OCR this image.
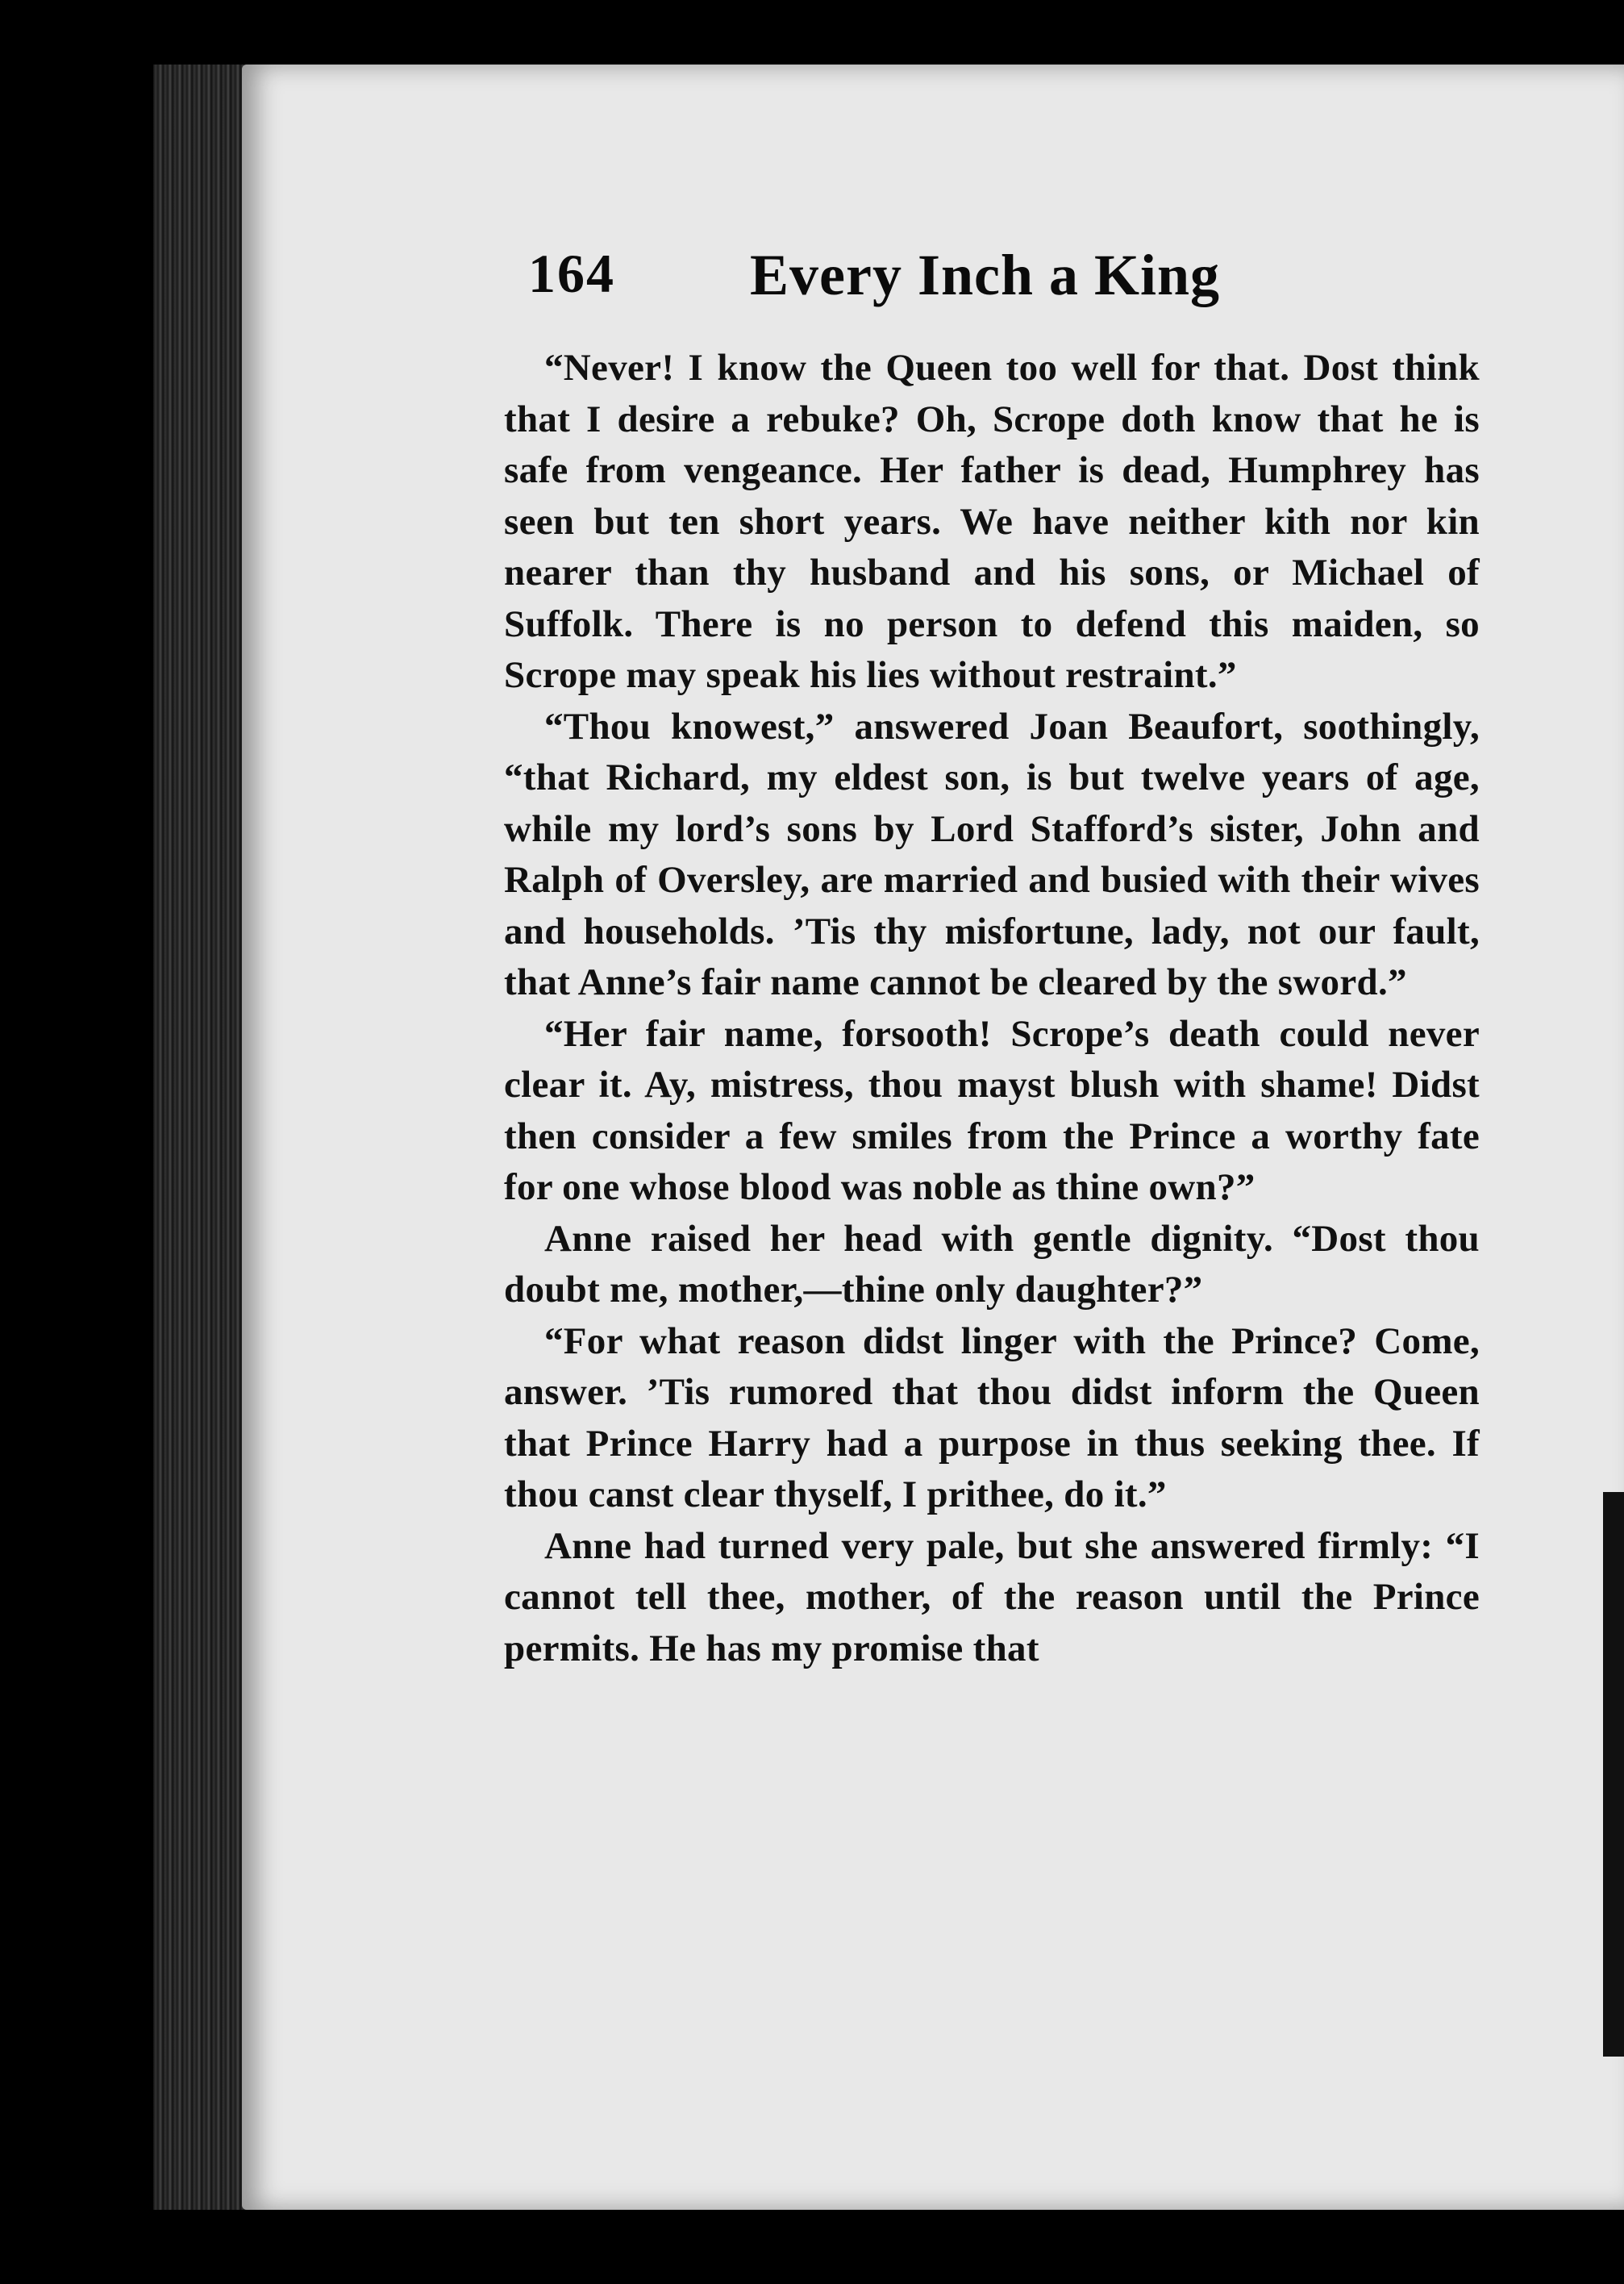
164 Every Inch a King

“Never! I know the Queen too well for that. Dost think that I desire a rebuke? Oh, Scrope doth know that he is safe from vengeance. Her father is dead, Humphrey has seen but ten short years. We have neither kith nor kin nearer than thy husband and his sons, or Michael of Suffolk. There is no person to defend this maiden, so Scrope may speak his lies without restraint.”

“Thou knowest,” answered Joan Beaufort, soothingly, “that Richard, my eldest son, is but twelve years of age, while my lord’s sons by Lord Stafford’s sister, John and Ralph of Oversley, are married and busied with their wives and households. ’Tis thy misfortune, lady, not our fault, that Anne’s fair name cannot be cleared by the sword.”

“Her fair name, forsooth! Scrope’s death could never clear it. Ay, mistress, thou mayst blush with shame! Didst then consider a few smiles from the Prince a worthy fate for one whose blood was noble as thine own?”

Anne raised her head with gentle dignity. “Dost thou doubt me, mother,—thine only daughter?”

“For what reason didst linger with the Prince? Come, answer. ’Tis rumored that thou didst inform the Queen that Prince Harry had a purpose in thus seeking thee. If thou canst clear thyself, I prithee, do it.”

Anne had turned very pale, but she answered firmly: “I cannot tell thee, mother, of the reason until the Prince permits. He has my promise that
